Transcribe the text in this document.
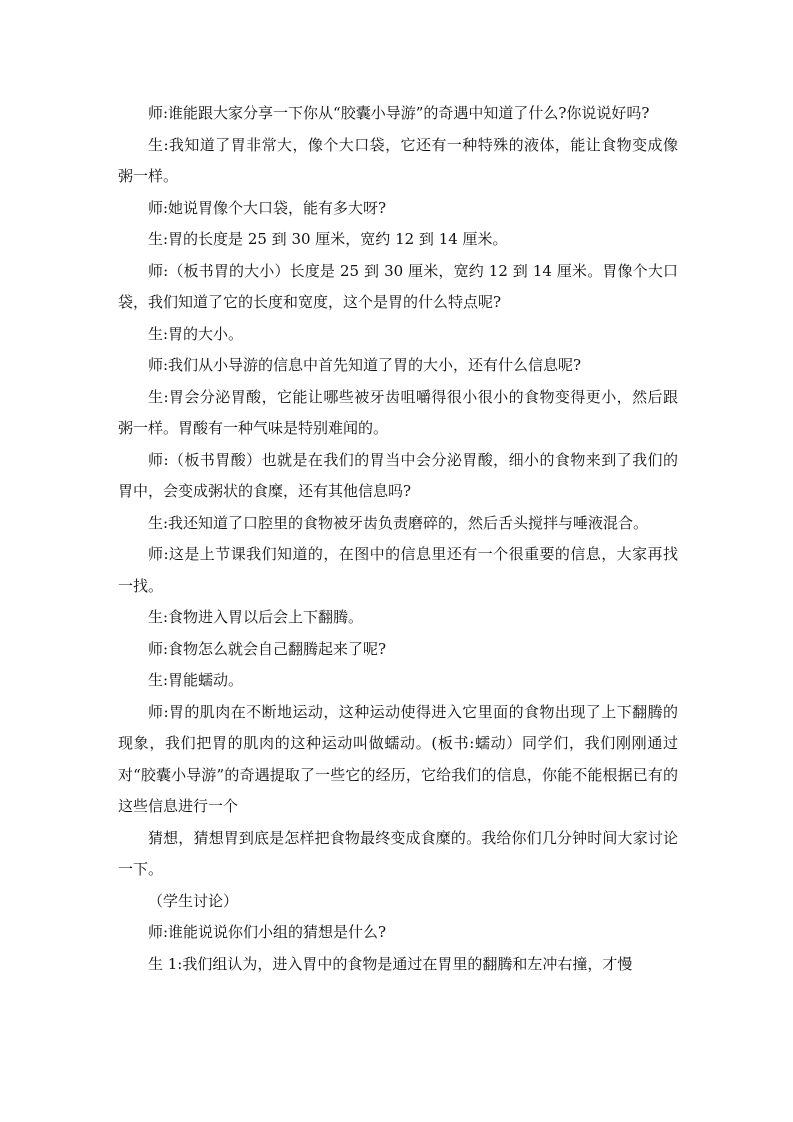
师:谁能跟大家分享一下你从“胶囊小导游”的奇遇中知道了什么?你说说好吗?

生:我知道了胃非常大，像个大口袋，它还有一种特殊的液体，能让食物变成像粥一样。

师:她说胃像个大口袋，能有多大呀?

生:胃的长度是 25 到 30 厘米，宽约 12 到 14 厘米。

师:（板书胃的大小）长度是 25 到 30 厘米，宽约 12 到 14 厘米。胃像个大口袋，我们知道了它的长度和宽度，这个是胃的什么特点呢?

生:胃的大小。

师:我们从小导游的信息中首先知道了胃的大小，还有什么信息呢?

生:胃会分泌胃酸，它能让哪些被牙齿咀嚼得很小很小的食物变得更小，然后跟粥一样。胃酸有一种气味是特别难闻的。

师:（板书胃酸）也就是在我们的胃当中会分泌胃酸，细小的食物来到了我们的胃中，会变成粥状的食糜，还有其他信息吗?

生:我还知道了口腔里的食物被牙齿负责磨碎的，然后舌头搅拌与唾液混合。

师:这是上节课我们知道的，在图中的信息里还有一个很重要的信息，大家再找一找。

生:食物进入胃以后会上下翻腾。

师:食物怎么就会自己翻腾起来了呢?

生:胃能蠕动。

师:胃的肌肉在不断地运动，这种运动使得进入它里面的食物出现了上下翻腾的现象，我们把胃的肌肉的这种运动叫做蠕动。(板书:蠕动）同学们，我们刚刚通过对“胶囊小导游”的奇遇提取了一些它的经历，它给我们的信息，你能不能根据已有的这些信息进行一个

猜想，猜想胃到底是怎样把食物最终变成食糜的。我给你们几分钟时间大家讨论一下。

（学生讨论）

师:谁能说说你们小组的猜想是什么?

生 1:我们组认为，进入胃中的食物是通过在胃里的翻腾和左冲右撞，才慢
